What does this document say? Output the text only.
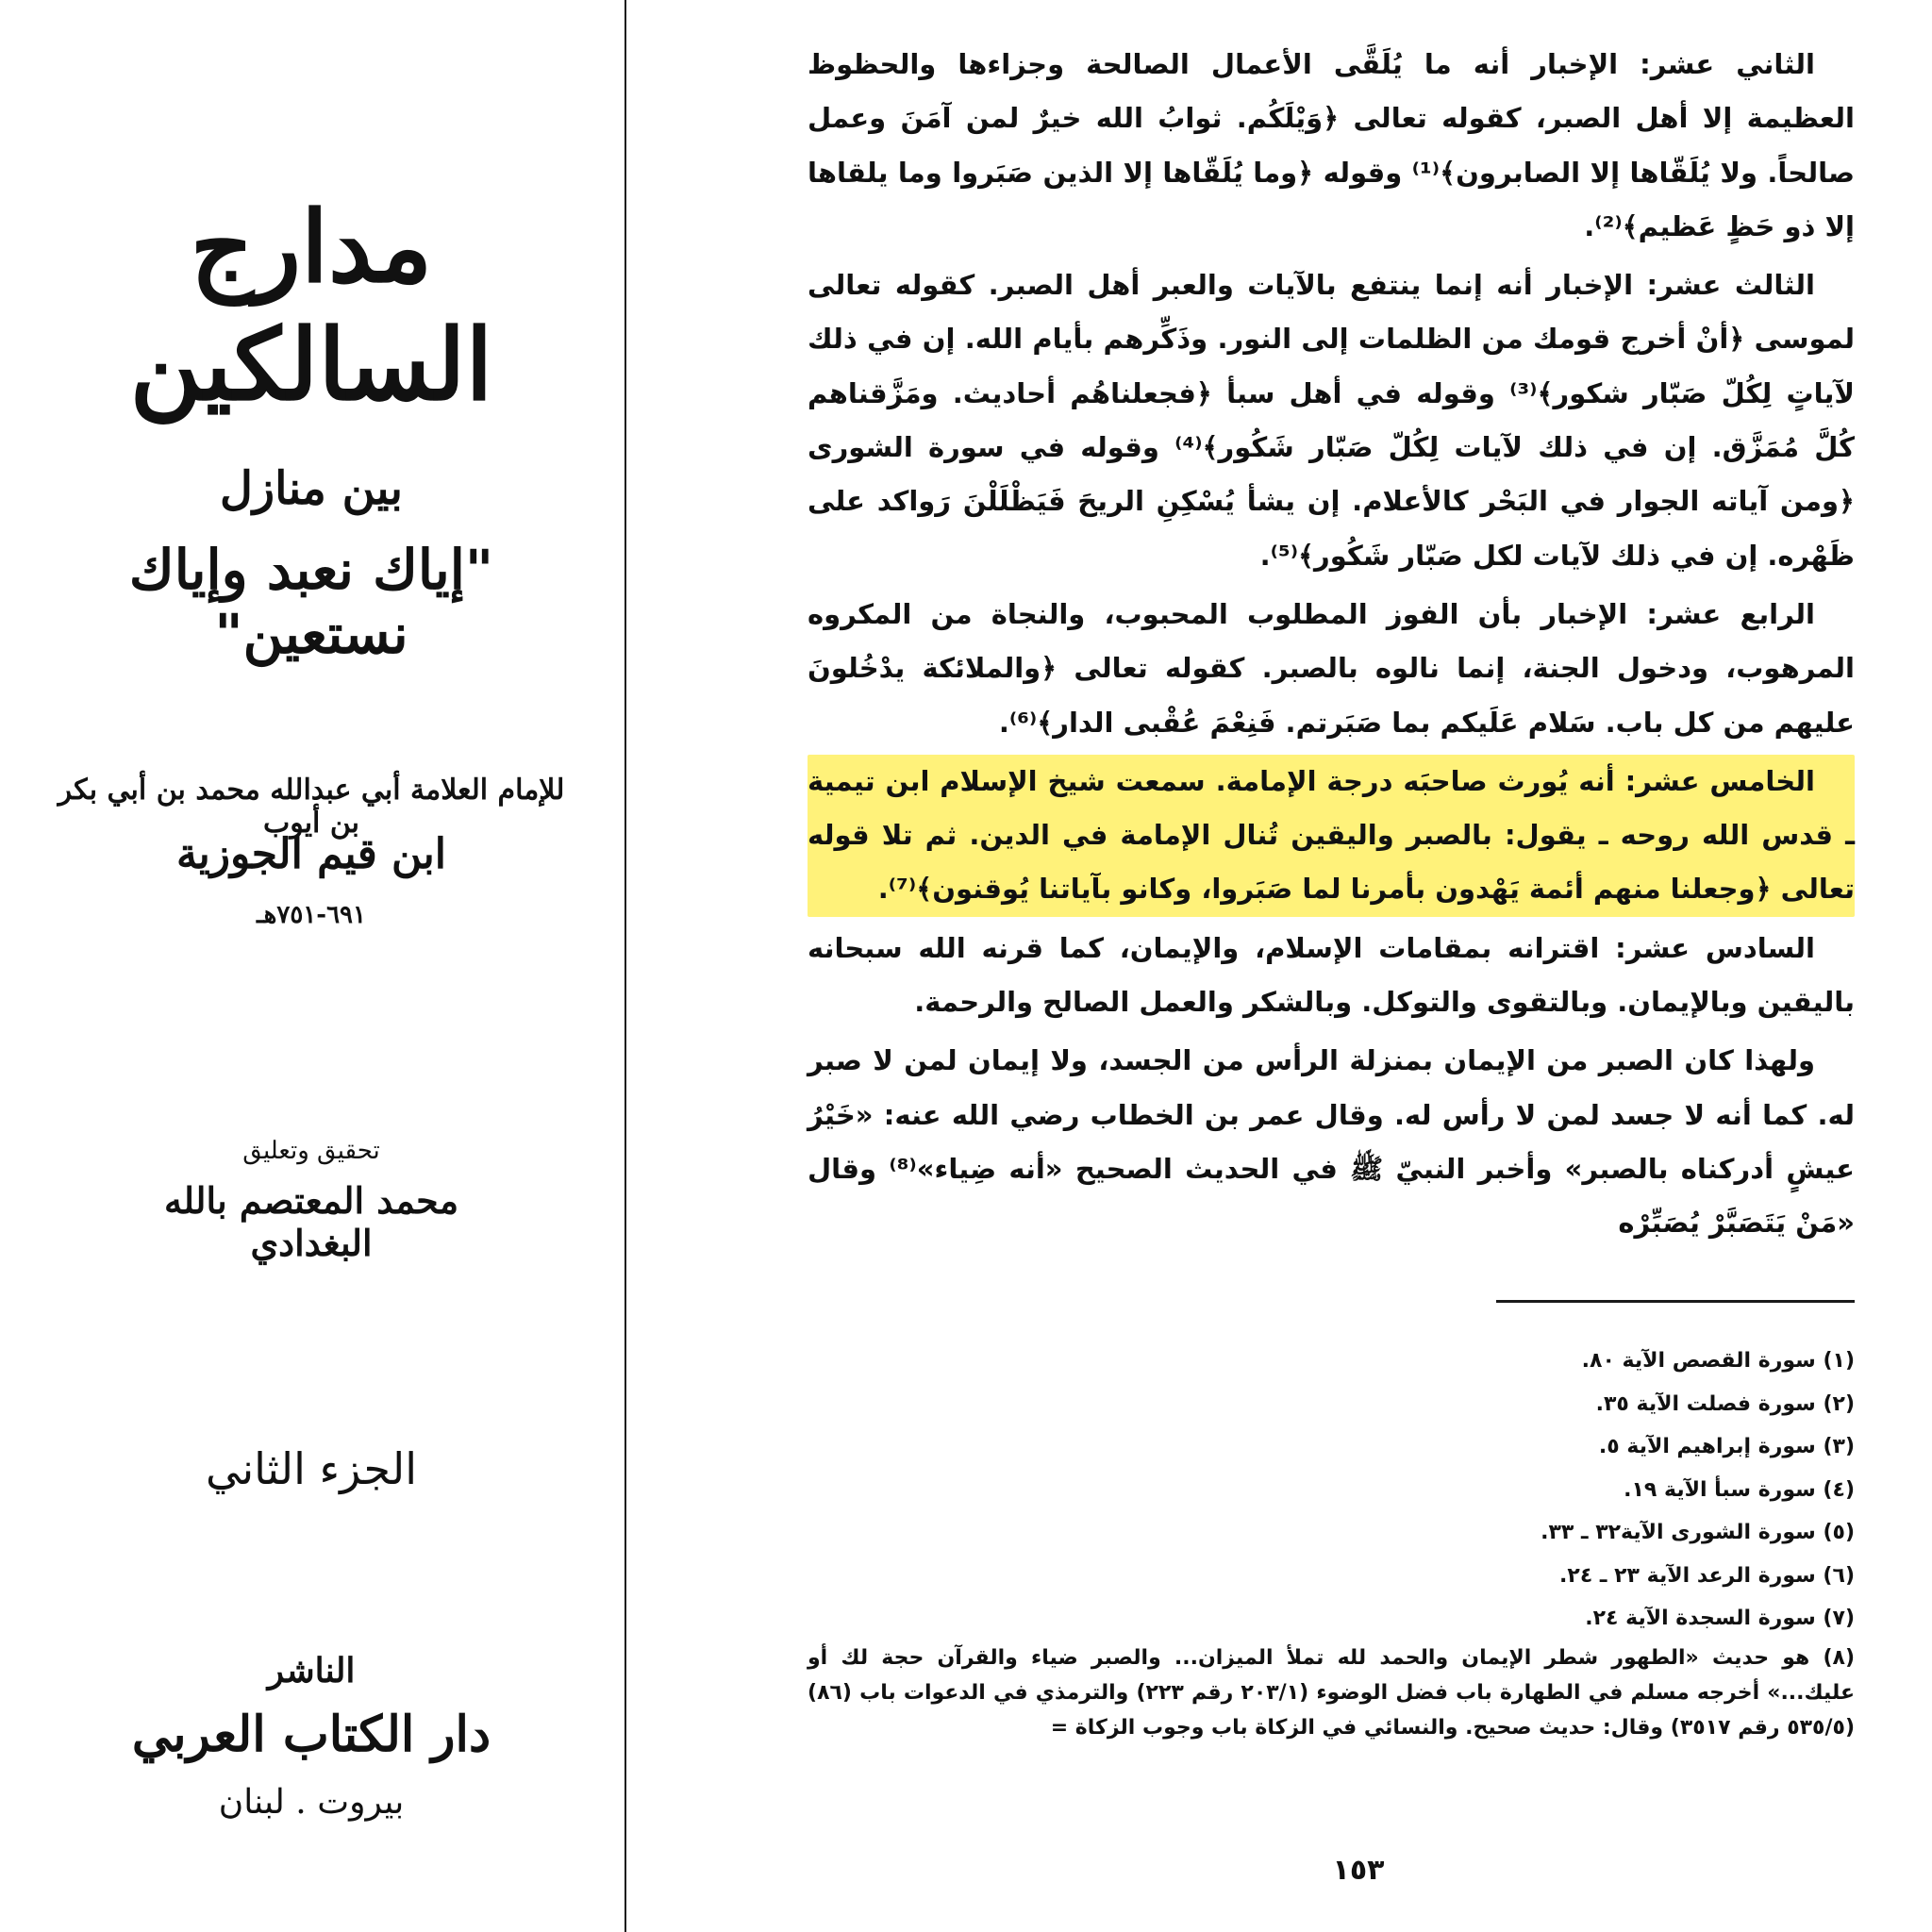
مدارج السالكين
بين منازل
"إياك نعبد وإياك نستعين"
للإمام العلامة أبي عبدالله محمد بن أبي بكر بن أيوب
ابن قيم الجوزية
٦٩١-٧٥١هـ
تحقيق وتعليق
محمد المعتصم بالله البغدادي
الجزء الثاني
الناشر
دار الكتاب العربي
بيروت . لبنان

الثاني عشر: الإخبار أنه ما يُلَقَّى الأعمال الصالحة وجزاءها والحظوظ العظيمة إلا أهل الصبر، كقوله تعالى ﴿وَيْلَكُم. ثوابُ الله خيرٌ لمن آمَنَ وعمل صالحاً. ولا يُلَقّاها إلا الصابرون﴾⁽¹⁾ وقوله ﴿وما يُلَقّاها إلا الذين صَبَروا وما يلقاها إلا ذو حَظٍ عَظيم﴾⁽²⁾.

الثالث عشر: الإخبار أنه إنما ينتفع بالآيات والعبر أهل الصبر. كقوله تعالى لموسى ﴿أنْ أخرج قومك من الظلمات إلى النور. وذَكِّرهم بأيام الله. إن في ذلك لآياتٍ لِكُلّ صَبّار شكور﴾⁽³⁾ وقوله في أهل سبأ ﴿فجعلناهُم أحاديث. ومَزَّقناهم كُلَّ مُمَزَّق. إن في ذلك لآيات لِكُلّ صَبّار شَكُور﴾⁽⁴⁾ وقوله في سورة الشورى ﴿ومن آياته الجوار في البَحْر كالأعلام. إن يشأ يُسْكِنِ الريحَ فَيَظْلَلْنَ رَواكد على ظَهْره. إن في ذلك لآيات لكل صَبّار شَكُور﴾⁽⁵⁾.

الرابع عشر: الإخبار بأن الفوز المطلوب المحبوب، والنجاة من المكروه المرهوب، ودخول الجنة، إنما نالوه بالصبر. كقوله تعالى ﴿والملائكة يدْخُلونَ عليهم من كل باب. سَلام عَلَيكم بما صَبَرتم. فَنِعْمَ عُقْبى الدار﴾⁽⁶⁾.

الخامس عشر: أنه يُورث صاحبَه درجة الإمامة. سمعت شيخ الإسلام ابن تيمية ـ قدس الله روحه ـ يقول: بالصبر واليقين تُنال الإمامة في الدين. ثم تلا قوله تعالى ﴿وجعلنا منهم أئمة يَهْدون بأمرنا لما صَبَروا، وكانو بآياتنا يُوقنون﴾⁽⁷⁾.

السادس عشر: اقترانه بمقامات الإسلام، والإيمان، كما قرنه الله سبحانه باليقين وبالإيمان. وبالتقوى والتوكل. وبالشكر والعمل الصالح والرحمة.

ولهذا كان الصبر من الإيمان بمنزلة الرأس من الجسد، ولا إيمان لمن لا صبر له. كما أنه لا جسد لمن لا رأس له. وقال عمر بن الخطاب رضي الله عنه: «خَيْرُ عيشٍ أدركناه بالصبر» وأخبر النبيّ ﷺ في الحديث الصحيح «أنه ضِياء»⁽⁸⁾ وقال «مَنْ يَتَصَبَّرْ يُصَبِّرْه

(١) سورة القصص الآية ٨٠.

(٢) سورة فصلت الآية ٣٥.

(٣) سورة إبراهيم الآية ٥.

(٤) سورة سبأ الآية ١٩.

(٥) سورة الشورى الآية٣٢ ـ ٣٣.

(٦) سورة الرعد الآية ٢٣ ـ ٢٤.

(٧) سورة السجدة الآية ٢٤.

(٨) هو حديث «الطهور شطر الإيمان والحمد لله تملأ الميزان... والصبر ضياء والقرآن حجة لك أو عليك...» أخرجه مسلم في الطهارة باب فضل الوضوء (٢٠٣/١ رقم ٢٢٣) والترمذي في الدعوات باب (٨٦) (٥٣٥/٥ رقم ٣٥١٧) وقال: حديث صحيح. والنسائي في الزكاة باب وجوب الزكاة =

١٥٣
